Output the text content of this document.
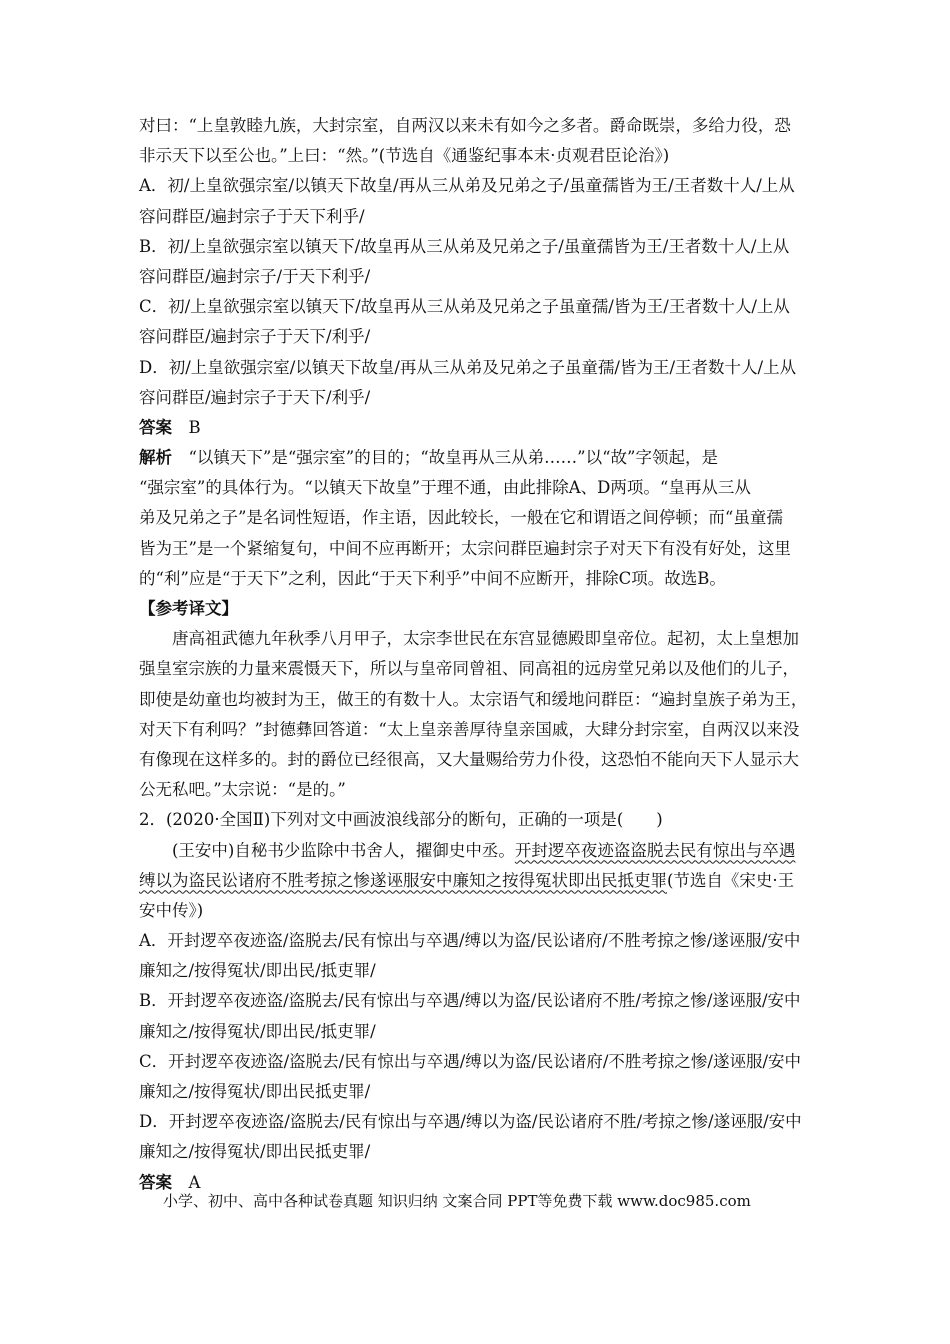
对曰：“上皇敦睦九族，大封宗室，自两汉以来未有如今之多者。爵命既崇，多给力役，恐
非示天下以至公也。”上曰：“然。”(节选自《通鉴纪事本末·贞观君臣论治》)
A．初/上皇欲强宗室/以镇天下故皇/再从三从弟及兄弟之子/虽童孺皆为王/王者数十人/上从
容问群臣/遍封宗子于天下利乎/
B．初/上皇欲强宗室以镇天下/故皇再从三从弟及兄弟之子/虽童孺皆为王/王者数十人/上从
容问群臣/遍封宗子/于天下利乎/
C．初/上皇欲强宗室以镇天下/故皇再从三从弟及兄弟之子虽童孺/皆为王/王者数十人/上从
容问群臣/遍封宗子于天下/利乎/
D．初/上皇欲强宗室/以镇天下故皇/再从三从弟及兄弟之子虽童孺/皆为王/王者数十人/上从
容问群臣/遍封宗子于天下/利乎/
答案　 B
解析　 “以镇天下”是“强宗室”的目的；“故皇再从三从弟……”以“故”字领起，是
“强宗室”的具体行为。“以镇天下故皇”于理不通，由此排除A、D两项。“皇再从三从
弟及兄弟之子”是名词性短语，作主语，因此较长，一般在它和谓语之间停顿；而“虽童孺
皆为王”是一个紧缩复句，中间不应再断开；太宗问群臣遍封宗子对天下有没有好处，这里
的“利”应是“于天下”之利，因此“于天下利乎”中间不应断开，排除C项。故选B。
【参考译文】
唐高祖武德九年秋季八月甲子，太宗李世民在东宫显德殿即皇帝位。起初，太上皇想加
强皇室宗族的力量来震慑天下，所以与皇帝同曾祖、同高祖的远房堂兄弟以及他们的儿子，
即使是幼童也均被封为王，做王的有数十人。太宗语气和缓地问群臣：“遍封皇族子弟为王，
对天下有利吗？”封德彝回答道：“太上皇亲善厚待皇亲国戚，大肆分封宗室，自两汉以来没
有像现在这样多的。封的爵位已经很高，又大量赐给劳力仆役，这恐怕不能向天下人显示大
公无私吧。”太宗说：“是的。”
2．(2020·全国Ⅱ)下列对文中画波浪线部分的断句，正确的一项是(　　)
(王安中)自秘书少监除中书舍人，擢御史中丞。开封逻卒夜迹盗盗脱去民有惊出与卒遇
缚以为盗民讼诸府不胜考掠之惨遂诬服安中廉知之按得冤状即出民抵吏罪(节选自《宋史·王
安中传》)
A．开封逻卒夜迹盗/盗脱去/民有惊出与卒遇/缚以为盗/民讼诸府/不胜考掠之惨/遂诬服/安中
廉知之/按得冤状/即出民/抵吏罪/
B．开封逻卒夜迹盗/盗脱去/民有惊出与卒遇/缚以为盗/民讼诸府不胜/考掠之惨/遂诬服/安中
廉知之/按得冤状/即出民/抵吏罪/
C．开封逻卒夜迹盗/盗脱去/民有惊出与卒遇/缚以为盗/民讼诸府/不胜考掠之惨/遂诬服/安中
廉知之/按得冤状/即出民抵吏罪/
D．开封逻卒夜迹盗/盗脱去/民有惊出与卒遇/缚以为盗/民讼诸府不胜/考掠之惨/遂诬服/安中
廉知之/按得冤状/即出民抵吏罪/
答案　 A
小学、初中、高中各种试卷真题 知识归纳 文案合同 PPT等免费下载 www.doc985.com
